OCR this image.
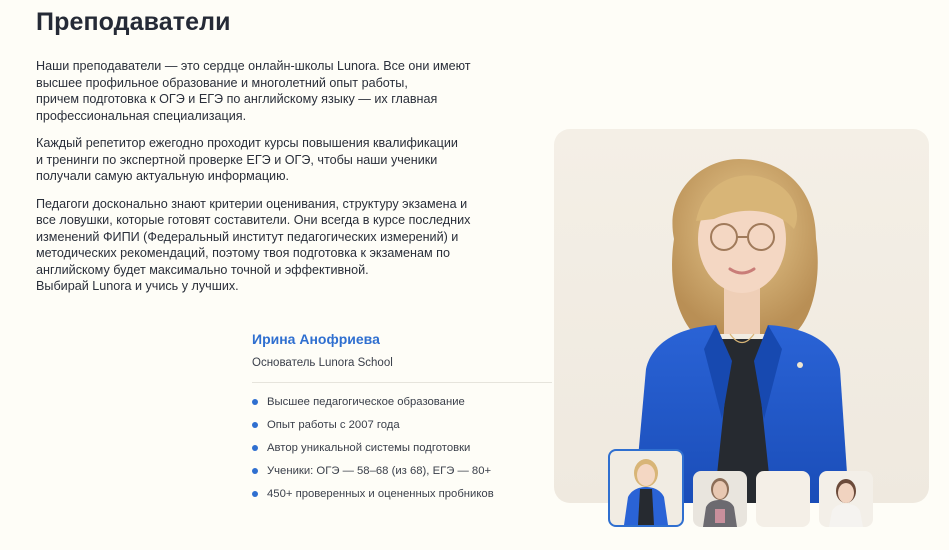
Преподаватели

Наши преподаватели — это сердце онлайн-школы Lunora. Все они имеют
высшее профильное образование и многолетний опыт работы,
причем подготовка к ОГЭ и ЕГЭ по английскому языку — их главная
профессиональная специализация.

Каждый репетитор ежегодно проходит курсы повышения квалификации
и тренинги по экспертной проверке ЕГЭ и ОГЭ, чтобы наши ученики
получали самую актуальную информацию.

Педагоги досконально знают критерии оценивания, структуру экзамена и
все ловушки, которые готовят составители. Они всегда в курсе последних
изменений ФИПИ (Федеральный институт педагогических измерений) и
методических рекомендаций, поэтому твоя подготовка к экзаменам по
английскому будет максимально точной и эффективной.
Выбирай Lunora и учись у лучших.

Ирина Анофриева
Основатель Lunora School
Высшее педагогическое образование
Опыт работы с 2007 года
Автор уникальной системы подготовки
Ученики: ОГЭ — 58–68 (из 68), ЕГЭ — 80+
450+ проверенных и оцененных пробников
